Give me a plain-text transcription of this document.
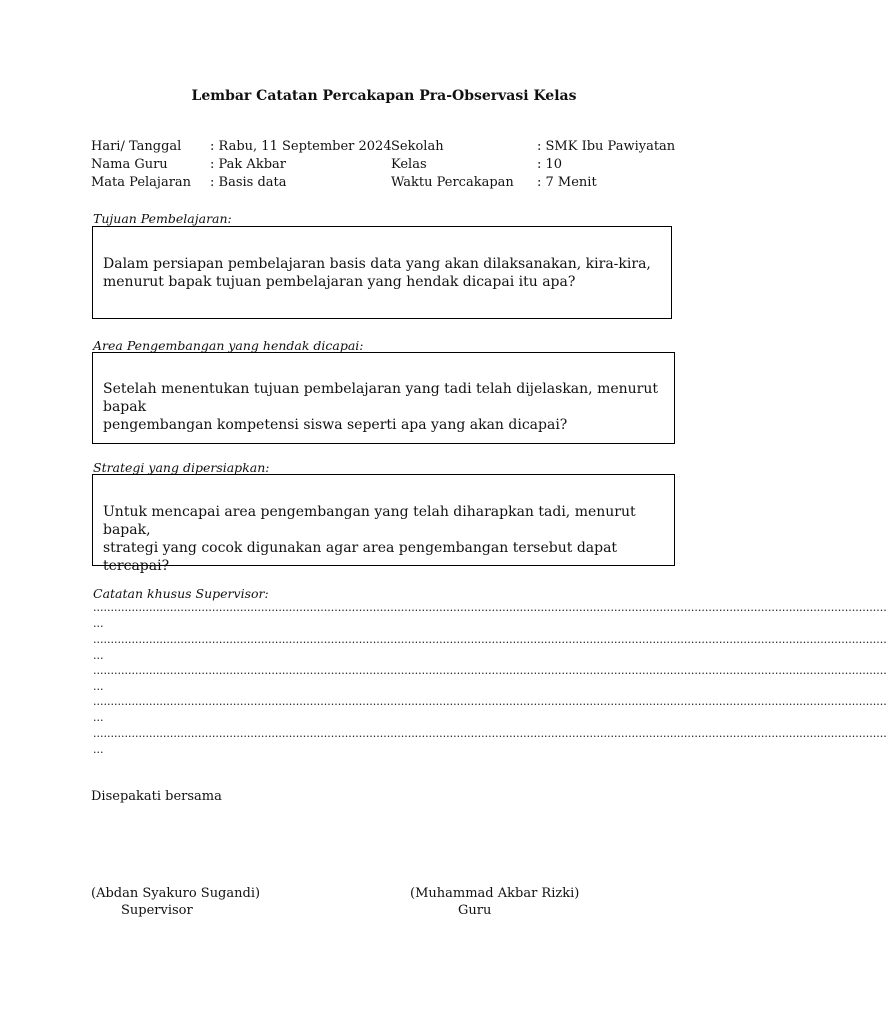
Lembar Catatan Percakapan Pra-Observasi Kelas
Hari/ Tanggal
Nama Guru
Mata Pelajaran
: Rabu, 11 September 2024
: Pak Akbar
: Basis data
Sekolah
Kelas
Waktu Percakapan
: SMK Ibu Pawiyatan
: 10
: 7 Menit
Tujuan Pembelajaran:
Dalam persiapan pembelajaran basis data yang akan dilaksanakan, kira-kira,
menurut bapak tujuan pembelajaran yang hendak dicapai itu apa?
Area Pengembangan yang hendak dicapai:
Setelah menentukan tujuan pembelajaran yang tadi telah dijelaskan, menurut bapak
pengembangan kompetensi siswa seperti apa yang akan dicapai?
Strategi yang dipersiapkan:
Untuk mencapai area pengembangan yang telah diharapkan tadi, menurut bapak,
strategi yang cocok digunakan agar area pengembangan tersebut dapat tercapai?
Catatan khusus Supervisor:
...................................................................................................................................................................................................................................
...
...................................................................................................................................................................................................................................
...
...................................................................................................................................................................................................................................
...
...................................................................................................................................................................................................................................
...
...................................................................................................................................................................................................................................
...
Disepakati bersama
(Abdan Syakuro Sugandi)
Supervisor
(Muhammad Akbar Rizki)
Guru
